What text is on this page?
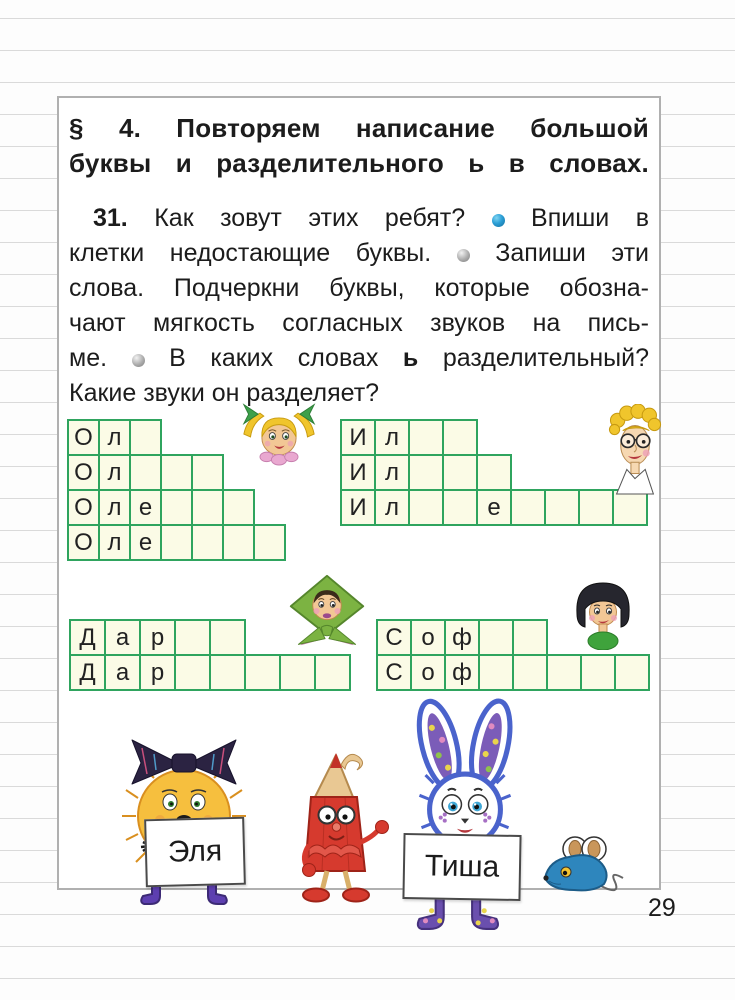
§ 4. Повторяем написание большой
буквы и разделительного ь в словах.
31. Как зовут этих ребят?	Впиши в
клетки недостающие буквы.	Запиши эти
слова. Подчеркни буквы, которые обозна-
чают мягкость согласных звуков на пись-
ме. В каких словах ь разделительный?
Какие звуки он разделяет?
О л
О л
О л е
О л е
И л
И л
И л	е
Д а р
Д а р
С о ф
С о ф
Эля	Тиша
29
